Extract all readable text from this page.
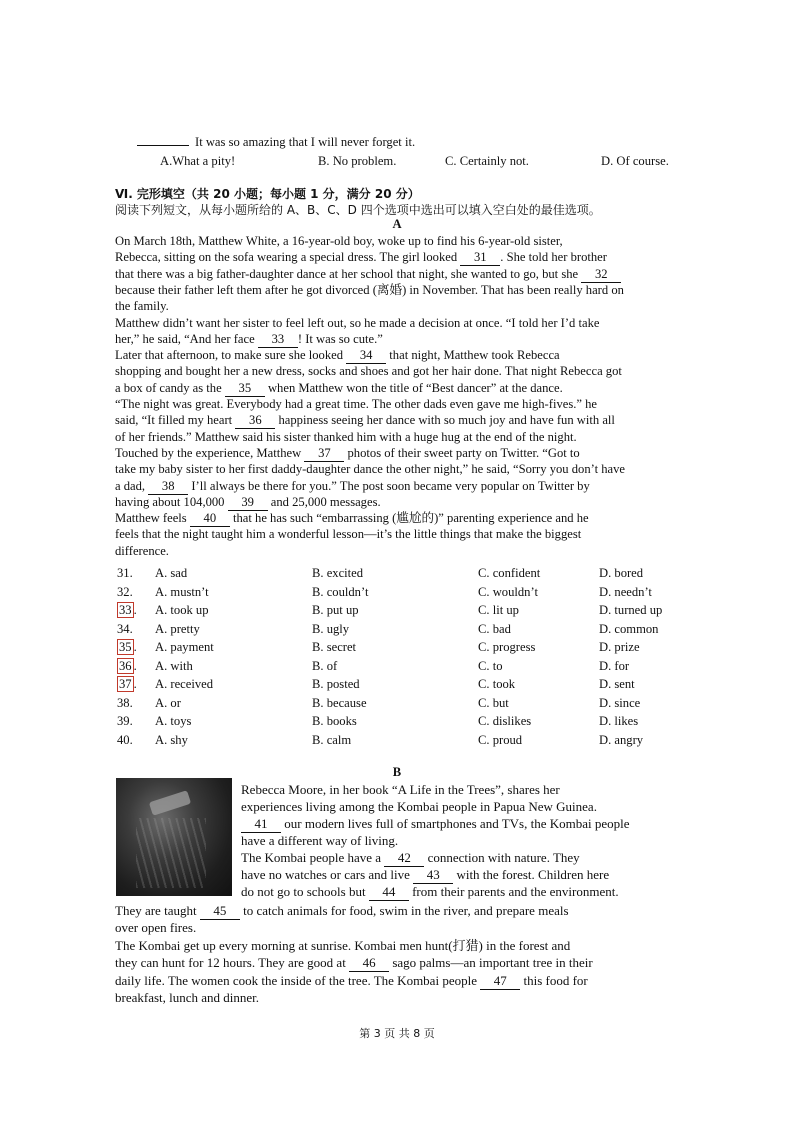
It was so amazing that I will never forget it.
A.What a pity!	B. No problem.	C. Certainly not.	D. Of course.
Ⅵ. 完形填空（共 20 小题；每小题 1 分，满分 20 分）
阅读下列短文，从每小题所给的 A、B、C、D 四个选项中选出可以填入空白处的最佳选项。
A
On March 18th, Matthew White, a 16-year-old boy, woke up to find his 6-year-old sister,
Rebecca, sitting on the sofa wearing a special dress. The girl looked 31 . She told her brother
that there was a big father-daughter dance at her school that night, she wanted to go, but she 32
because their father left them after he got divorced (离婚) in November. That has been really hard on
the family.
Matthew didn’t want her sister to feel left out, so he made a decision at once. “I told her I’d take
her,” he said, “And her face 33 ! It was so cute.”
Later that afternoon, to make sure she looked 34 that night, Matthew took Rebecca
shopping and bought her a new dress, socks and shoes and got her hair done. That night Rebecca got
a box of candy as the 35 when Matthew won the title of “Best dancer” at the dance.
“The night was great. Everybody had a great time. The other dads even gave me high-fives.” he
said, “It filled my heart 36 happiness seeing her dance with so much joy and have fun with all
of her friends.” Matthew said his sister thanked him with a huge hug at the end of the night.
Touched by the experience, Matthew 37 photos of their sweet party on Twitter. “Got to
take my baby sister to her first daddy-daughter dance the other night,” he said, “Sorry you don’t have
a dad, 38 I’ll always be there for you.” The post soon became very popular on Twitter by
having about 104,000 39 and 25,000 messages.
Matthew feels 40 that he has such “embarrassing (尴尬的)” parenting experience and he
feels that the night taught him a wonderful lesson—it’s the little things that make the biggest
difference.
31. A. sad	B. excited	C. confident	D. bored
32. A. mustn’t	B. couldn’t	C. wouldn’t	D. needn’t
33 . A. took up	B. put up	C. lit up	D. turned up
34. A. pretty	B. ugly	C. bad	D. common
35 . A. payment	B. secret	C. progress	D. prize
36 . A. with	B. of	C. to	D. for
37 . A. received	B. posted	C. took	D. sent
38. A. or	B. because	C. but	D. since
39. A. toys	B. books	C. dislikes	D. likes
40. A. shy	B. calm	C. proud	D. angry
B
Rebecca Moore, in her book “A Life in the Trees”, shares her
experiences living among the Kombai people in Papua New Guinea.
41 our modern lives full of smartphones and TVs, the Kombai people
have a different way of living.
The Kombai people have a 42 connection with nature. They
have no watches or cars and live 43 with the forest. Children here
do not go to schools but 44 from their parents and the environment.
They are taught 45 to catch animals for food, swim in the river, and prepare meals
over open fires.
The Kombai get up every morning at sunrise. Kombai men hunt(打猎) in the forest and
they can hunt for 12 hours. They are good at 46 sago palms—an important tree in their
daily life. The women cook the inside of the tree. The Kombai people 47 this food for
breakfast, lunch and dinner.
第 3 页 共 8 页
